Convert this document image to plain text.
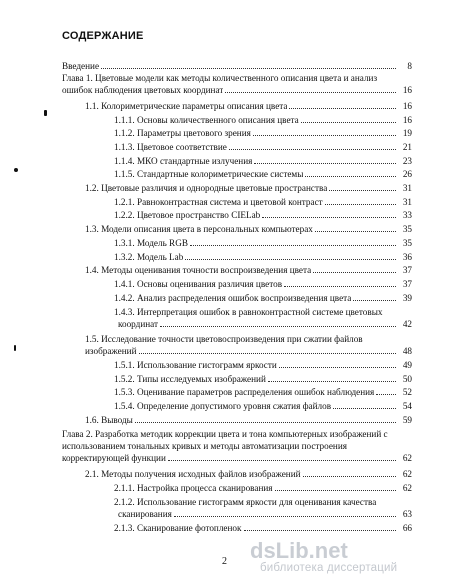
СОДЕРЖАНИЕ
Введение	8
Глава 1. Цветовые модели как методы количественного описания цвета и анализ
ошибок наблюдения цветовых координат	16
1.1. Колориметрические параметры описания цвета	16
1.1.1. Основы количественного описания цвета	16
1.1.2. Параметры цветового зрения	19
1.1.3. Цветовое соответствие	21
1.1.4. МКО стандартные излучения	23
1.1.5. Стандартные колориметрические системы	26
1.2. Цветовые различия и однородные цветовые пространства	31
1.2.1. Равноконтрастная система и цветовой контраст	31
1.2.2. Цветовое пространство CIELab	33
1.3. Модели описания цвета в персональных компьютерах	35
1.3.1. Модель RGB	35
1.3.2. Модель Lab	36
1.4. Методы оценивания точности воспроизведения цвета	37
1.4.1. Основы оценивания различия цветов	37
1.4.2. Анализ распределения ошибок воспроизведения цвета	39
1.4.3. Интерпретация ошибок в равноконтрастной системе цветовых
координат	42
1.5. Исследование точности цветовоспроизведения при сжатии файлов
изображений	48
1.5.1. Использование гистограмм яркости	49
1.5.2. Типы исследуемых изображений	50
1.5.3. Оценивание параметров распределения ошибок наблюдения	52
1.5.4. Определение допустимого уровня сжатия файлов	54
1.6. Выводы	59
Глава 2. Разработка методик коррекции цвета и тона компьютерных изображений с
использованием тональных кривых и методы автоматизации построения
корректирующей функции	62
2.1. Методы получения исходных файлов изображений	62
2.1.1. Настройка процесса сканирования	62
2.1.2. Использование гистограмм яркости для оценивания качества
сканирования	63
2.1.3. Сканирование фотопленок	66
2 dsLib.net
библиотека диссертаций
